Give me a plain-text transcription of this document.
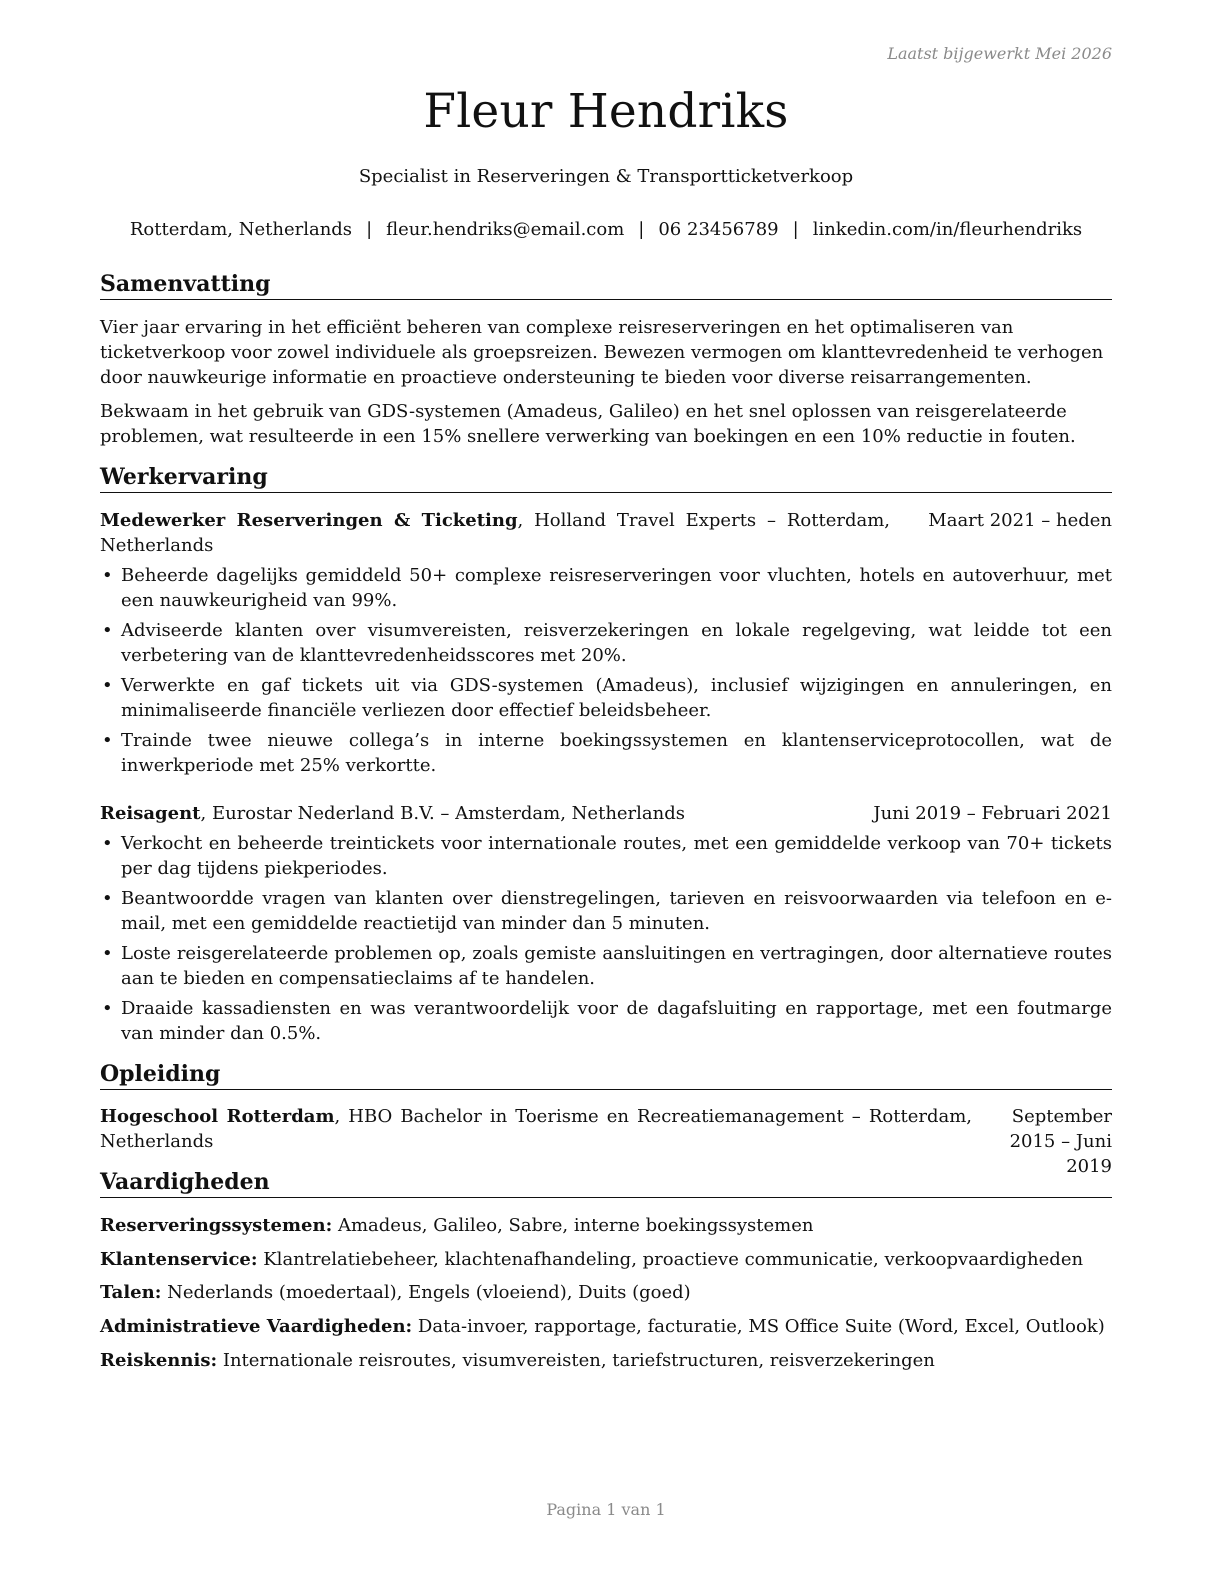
Laatst bijgewerkt Mei 2026
Fleur Hendriks
Specialist in Reserveringen & Transportticketverkoop
Rotterdam, Netherlands | fleur.hendriks@email.com | 06 23456789 | linkedin.com/in/fleurhendriks
Samenvatting
Vier jaar ervaring in het efficiënt beheren van complexe reisreserveringen en het optimaliseren van ticketverkoop voor zowel individuele als groepsreizen. Bewezen vermogen om klanttevredenheid te verhogen door nauwkeurige informatie en proactieve ondersteuning te bieden voor diverse reisarrangementen.
Bekwaam in het gebruik van GDS-systemen (Amadeus, Galileo) en het snel oplossen van reisgerelateerde problemen, wat resulteerde in een 15% snellere verwerking van boekingen en een 10% reductie in fouten.
Werkervaring
Medewerker Reserveringen & Ticketing, Holland Travel Experts – Rotterdam, Netherlands
Maart 2021 – heden
• Beheerde dagelijks gemiddeld 50+ complexe reisreserveringen voor vluchten, hotels en autoverhuur, met een nauwkeurigheid van 99%.
• Adviseerde klanten over visumvereisten, reisverzekeringen en lokale regelgeving, wat leidde tot een verbetering van de klanttevredenheidsscores met 20%.
• Verwerkte en gaf tickets uit via GDS-systemen (Amadeus), inclusief wijzigingen en annuleringen, en minimaliseerde financiële verliezen door effectief beleidsbeheer.
• Trainde twee nieuwe collega’s in interne boekingssystemen en klantenserviceprotocollen, wat de inwerkperiode met 25% verkortte.
Reisagent, Eurostar Nederland B.V. – Amsterdam, Netherlands	Juni 2019 – Februari 2021
• Verkocht en beheerde treintickets voor internationale routes, met een gemiddelde verkoop van 70+ tickets per dag tijdens piekperiodes.
• Beantwoordde vragen van klanten over dienstregelingen, tarieven en reisvoorwaarden via telefoon en e-mail, met een gemiddelde reactietijd van minder dan 5 minuten.
• Loste reisgerelateerde problemen op, zoals gemiste aansluitingen en vertragingen, door alternatieve routes aan te bieden en compensatieclaims af te handelen.
• Draaide kassadiensten en was verantwoordelijk voor de dagafsluiting en rapportage, met een foutmarge van minder dan 0.5%.
Opleiding
Hogeschool Rotterdam, HBO Bachelor in Toerisme en Recreatiemanagement – Rotterdam, Netherlands
September 2015 – Juni 2019
Vaardigheden
Reserveringssystemen: Amadeus, Galileo, Sabre, interne boekingssystemen
Klantenservice: Klantrelatiebeheer, klachtenafhandeling, proactieve communicatie, verkoopvaardigheden
Talen: Nederlands (moedertaal), Engels (vloeiend), Duits (goed)
Administratieve Vaardigheden: Data-invoer, rapportage, facturatie, MS Office Suite (Word, Excel, Outlook)
Reiskennis: Internationale reisroutes, visumvereisten, tariefstructuren, reisverzekeringen
Pagina 1 van 1
